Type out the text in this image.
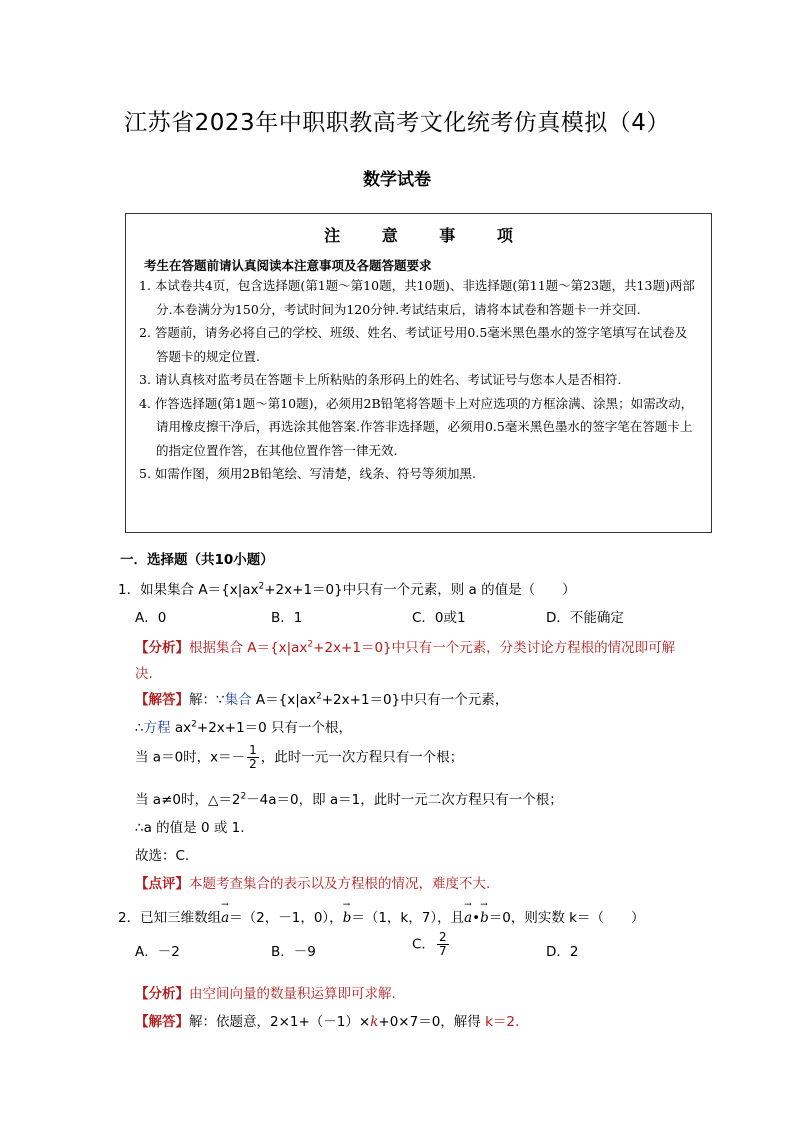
江苏省2023年中职职教高考文化统考仿真模拟（4）
数学试卷
注 意 事 项
考生在答题前请认真阅读本注意事项及各题答题要求
1. 本试卷共4页，包含选择题(第1题～第10题，共10题)、非选择题(第11题～第23题，共13题)两部分.本卷满分为150分，考试时间为120分钟.考试结束后，请将本试卷和答题卡一并交回.
2. 答题前，请务必将自己的学校、班级、姓名、考试证号用0.5毫米黑色墨水的签字笔填写在试卷及答题卡的规定位置.
3. 请认真核对监考员在答题卡上所粘贴的条形码上的姓名、考试证号与您本人是否相符.
4. 作答选择题(第1题～第10题)，必须用2B铅笔将答题卡上对应选项的方框涂满、涂黑；如需改动，请用橡皮擦干净后，再选涂其他答案.作答非选择题，必须用0.5毫米黑色墨水的签字笔在答题卡上的指定位置作答，在其他位置作答一律无效.
5. 如需作图，须用2B铅笔绘、写清楚，线条、符号等须加黑.
一．选择题（共10小题）
1．如果集合 $A=\{x|ax^2+2x+1=0\}$中只有一个元素，则 a 的值是（　　）
A．0	B．1	C．0或1	D．不能确定
【分析】根据集合 $A=\{x|ax^2+2x+1=0\}$中只有一个元素，分类讨论方程根的情况即可解
决.
【解答】解：∵集合 $A=\{x|ax^2+2x+1=0\}$中只有一个元素，
∴方程 $ax^2+2x+1=0$ 只有一个根，
当 a＝0时，$x=- \frac{1}{2}$ ，此时一元一次方程只有一个根；
当 a≠0时，$\triangle=2^2-4a=0$，即 a＝1，此时一元二次方程只有一个根；
∴a 的值是 0 或 1.
故选：C.
【点评】本题考查集合的表示以及方程根的情况，难度不大.
2．已知三维数组→ a＝（2，－1，0），→ b＝（1，k，7），且→ a•→ b＝0，则实数 k＝（　　）
A．－2	B．－9	C． $\frac{2}{7}$	D．2
【分析】由空间向量的数量积运算即可求解.
【解答】解：依题意，2×1+（－1）×k+0×7＝0，解得 k＝2.
